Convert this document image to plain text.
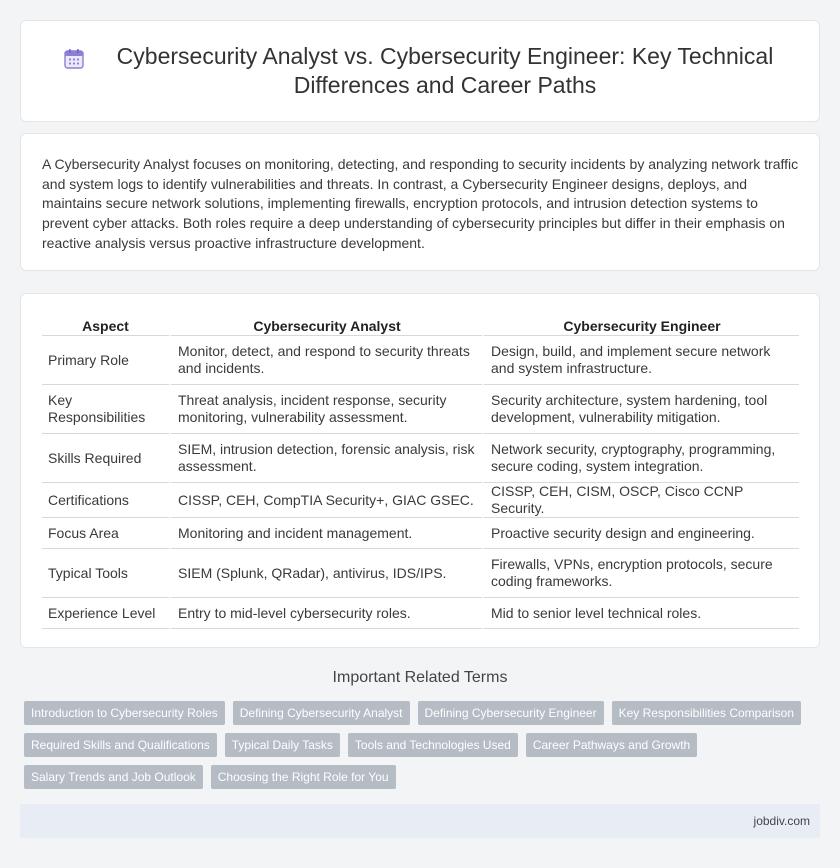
Cybersecurity Analyst vs. Cybersecurity Engineer: Key Technical Differences and Career Paths

A Cybersecurity Analyst focuses on monitoring, detecting, and responding to security incidents by analyzing network traffic and system logs to identify vulnerabilities and threats. In contrast, a Cybersecurity Engineer designs, deploys, and maintains secure network solutions, implementing firewalls, encryption protocols, and intrusion detection systems to prevent cyber attacks. Both roles require a deep understanding of cybersecurity principles but differ in their emphasis on reactive analysis versus proactive infrastructure development.

Aspect	Cybersecurity Analyst	Cybersecurity Engineer
Primary Role	Monitor, detect, and respond to security threats and incidents.	Design, build, and implement secure network and system infrastructure.
Key Responsibilities	Threat analysis, incident response, security monitoring, vulnerability assessment.	Security architecture, system hardening, tool development, vulnerability mitigation.
Skills Required	SIEM, intrusion detection, forensic analysis, risk assessment.	Network security, cryptography, programming, secure coding, system integration.
Certifications	CISSP, CEH, CompTIA Security+, GIAC GSEC.	CISSP, CEH, CISM, OSCP, Cisco CCNP Security.
Focus Area	Monitoring and incident management.	Proactive security design and engineering.
Typical Tools	SIEM (Splunk, QRadar), antivirus, IDS/IPS.	Firewalls, VPNs, encryption protocols, secure coding frameworks.
Experience Level	Entry to mid-level cybersecurity roles.	Mid to senior level technical roles.
Important Related Terms
Introduction to Cybersecurity Roles	Defining Cybersecurity Analyst	Defining Cybersecurity Engineer	Key Responsibilities Comparison
Required Skills and Qualifications	Typical Daily Tasks	Tools and Technologies Used	Career Pathways and Growth
Salary Trends and Job Outlook	Choosing the Right Role for You
jobdiv.com
